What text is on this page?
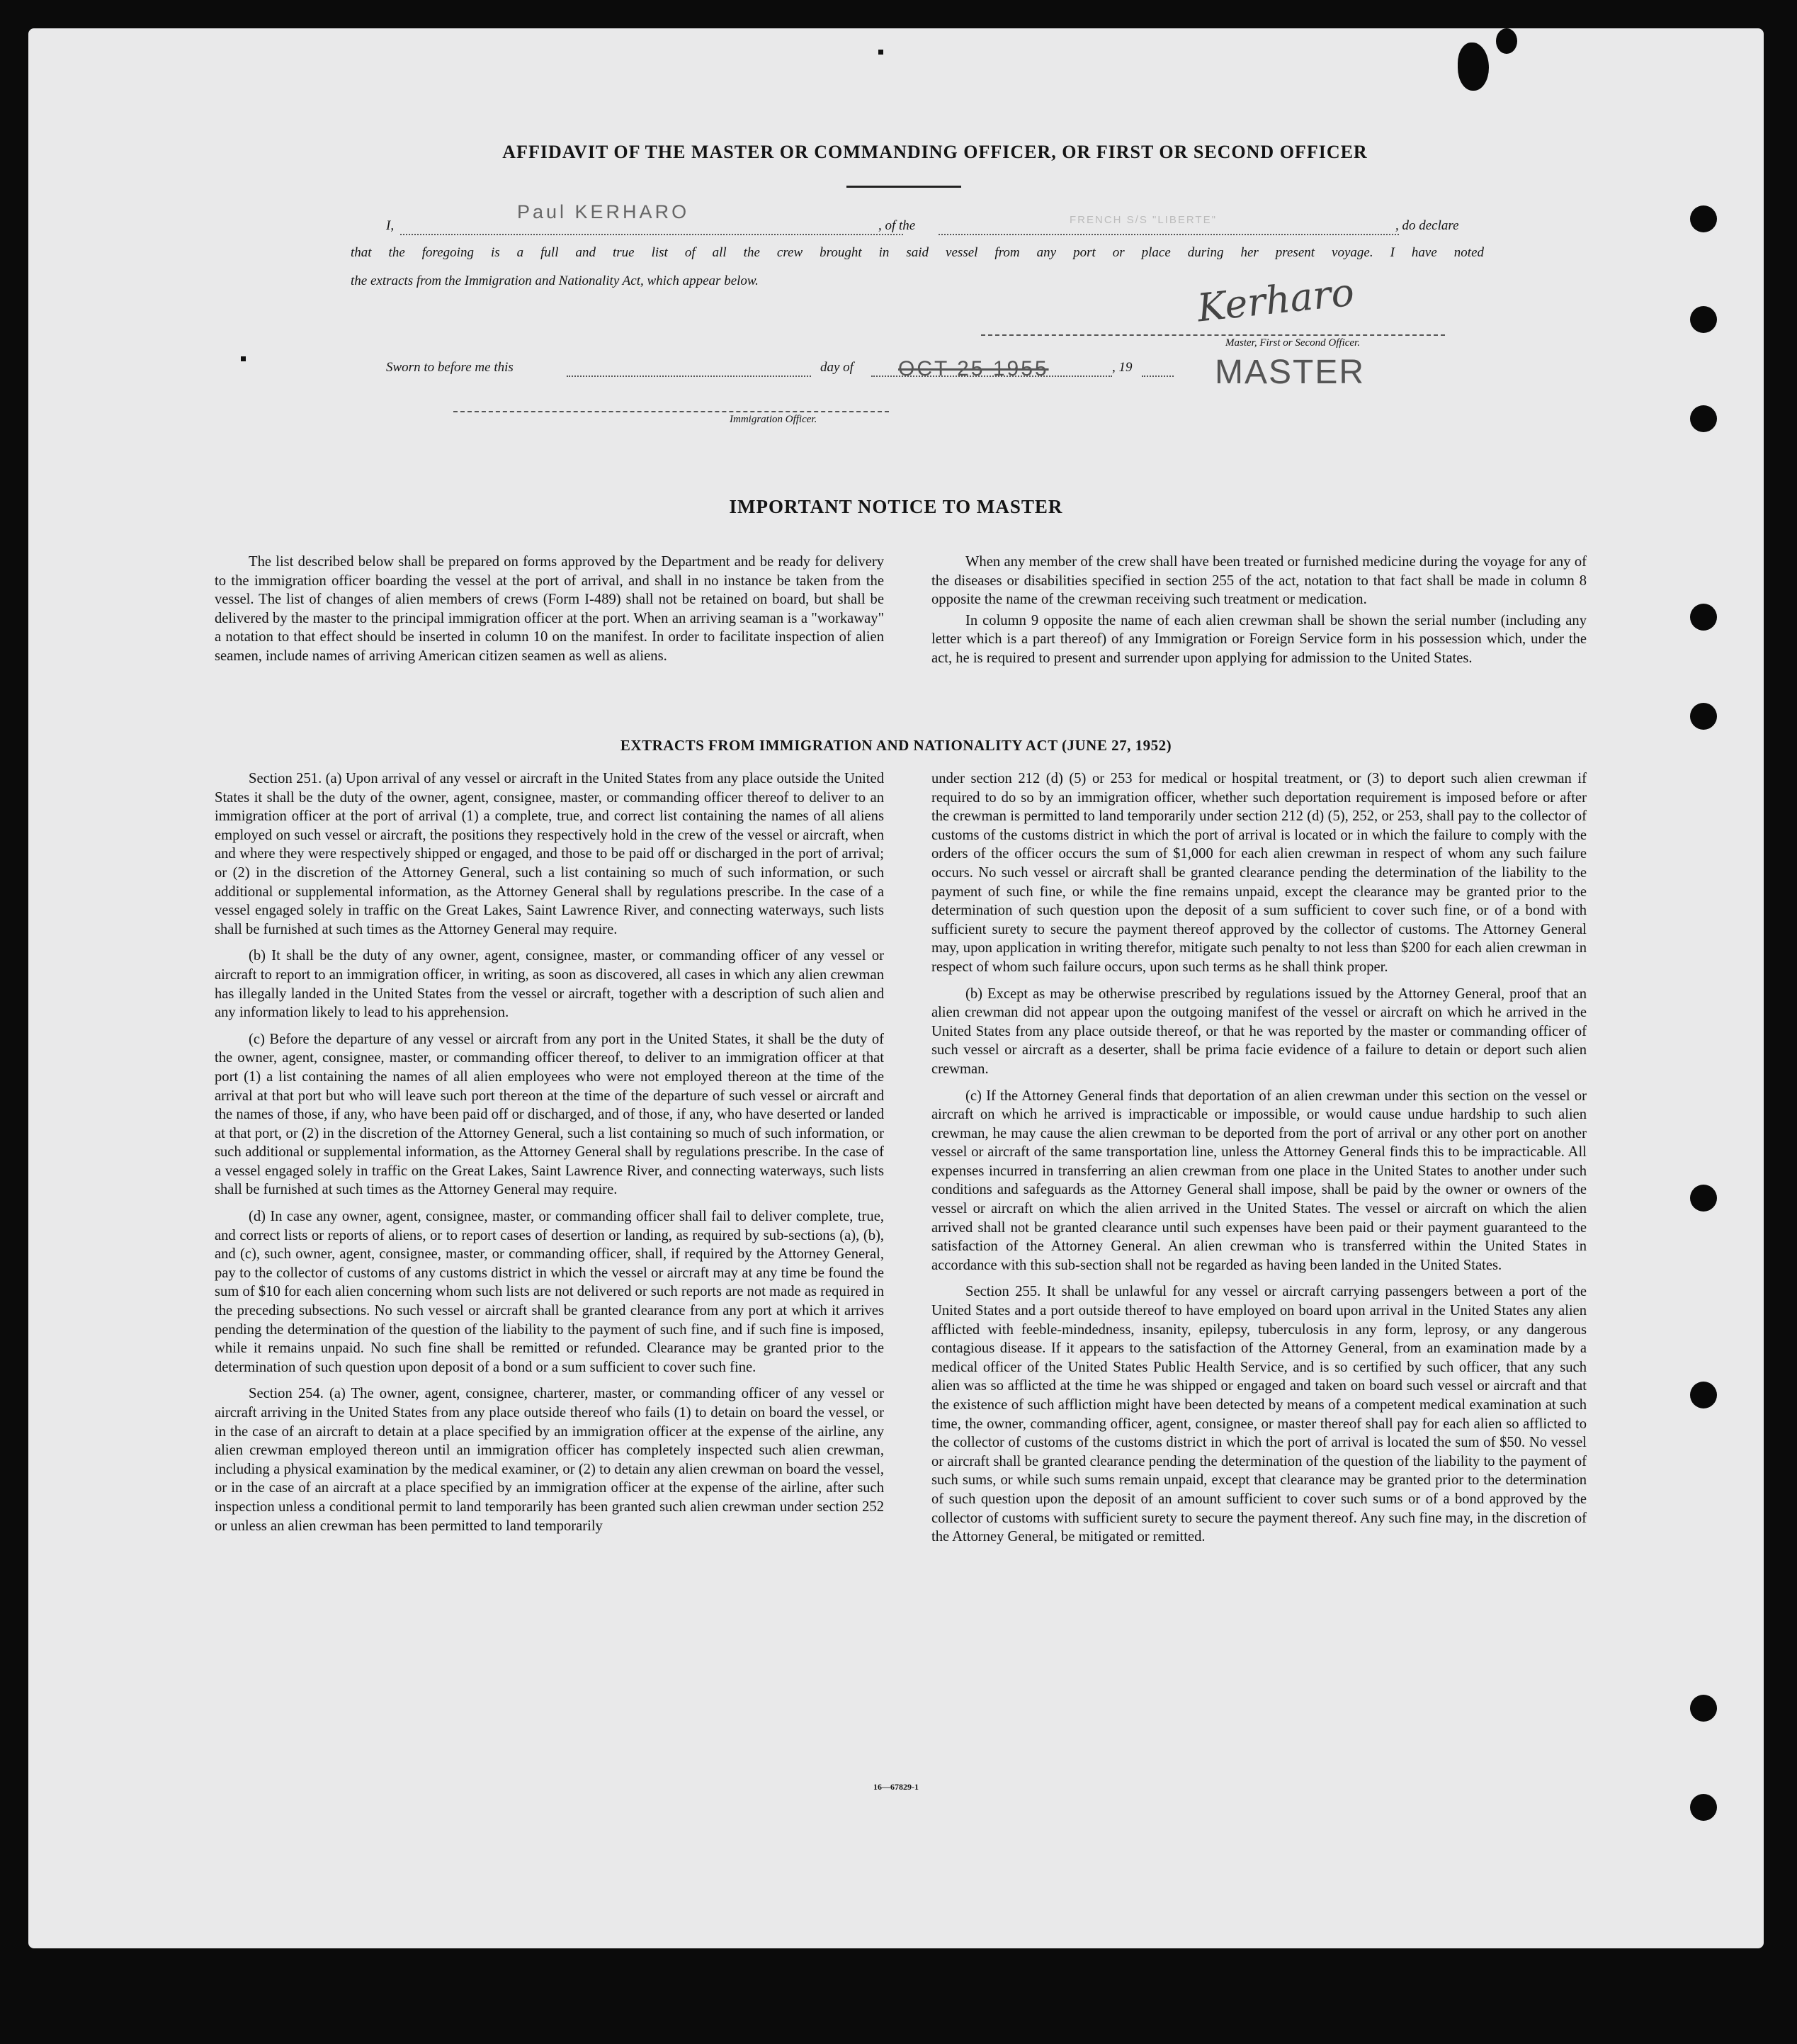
AFFIDAVIT OF THE MASTER OR COMMANDING OFFICER, OR FIRST OR SECOND OFFICER
I,
Paul KERHARO
, of the	FRENCH S/S "LIBERTE"	, do declare
that the foregoing is a full and true list of all the crew brought in said vessel from any port or place during her present voyage. I have noted
the extracts from the Immigration and Nationality Act, which appear below.	Kerharo
Master, First or Second Officer.
MASTER
Sworn to before me this	day of OCT 25 1955	, 19
Immigration Officer.
IMPORTANT NOTICE TO MASTER

The list described below shall be prepared on forms approved by the Department and be ready for delivery to the immigration officer boarding the vessel at the port of arrival, and shall in no instance be taken from the vessel. The list of changes of alien members of crews (Form I-489) shall not be retained on board, but shall be delivered by the master to the principal immigration officer at the port. When an arriving seaman is a "workaway" a notation to that effect should be inserted in column 10 on the manifest. In order to facilitate inspection of alien seamen, include names of arriving American citizen seamen as well as aliens.

When any member of the crew shall have been treated or furnished medicine during the voyage for any of the diseases or disabilities specified in section 255 of the act, notation to that fact shall be made in column 8 opposite the name of the crewman receiving such treatment or medication.

In column 9 opposite the name of each alien crewman shall be shown the serial number (including any letter which is a part thereof) of any Immigration or Foreign Service form in his possession which, under the act, he is required to present and surrender upon applying for admission to the United States.

EXTRACTS FROM IMMIGRATION AND NATIONALITY ACT (JUNE 27, 1952)

Section 251. (a) Upon arrival of any vessel or aircraft in the United States from any place outside the United States it shall be the duty of the owner, agent, consignee, master, or commanding officer thereof to deliver to an immigration officer at the port of arrival (1) a complete, true, and correct list containing the names of all aliens employed on such vessel or aircraft, the positions they respectively hold in the crew of the vessel or aircraft, when and where they were respectively shipped or engaged, and those to be paid off or discharged in the port of arrival; or (2) in the discretion of the Attorney General, such a list containing so much of such information, or such additional or supplemental information, as the Attorney General shall by regulations prescribe. In the case of a vessel engaged solely in traffic on the Great Lakes, Saint Lawrence River, and connecting waterways, such lists shall be furnished at such times as the Attorney General may require.

(b) It shall be the duty of any owner, agent, consignee, master, or commanding officer of any vessel or aircraft to report to an immigration officer, in writing, as soon as discovered, all cases in which any alien crewman has illegally landed in the United States from the vessel or aircraft, together with a description of such alien and any information likely to lead to his apprehension.

(c) Before the departure of any vessel or aircraft from any port in the United States, it shall be the duty of the owner, agent, consignee, master, or commanding officer thereof, to deliver to an immigration officer at that port (1) a list containing the names of all alien employees who were not employed thereon at the time of the arrival at that port but who will leave such port thereon at the time of the departure of such vessel or aircraft and the names of those, if any, who have been paid off or discharged, and of those, if any, who have deserted or landed at that port, or (2) in the discretion of the Attorney General, such a list containing so much of such information, or such additional or supplemental information, as the Attorney General shall by regulations prescribe. In the case of a vessel engaged solely in traffic on the Great Lakes, Saint Lawrence River, and connecting waterways, such lists shall be furnished at such times as the Attorney General may require.

(d) In case any owner, agent, consignee, master, or commanding officer shall fail to deliver complete, true, and correct lists or reports of aliens, or to report cases of desertion or landing, as required by sub-sections (a), (b), and (c), such owner, agent, consignee, master, or commanding officer, shall, if required by the Attorney General, pay to the collector of customs of any customs district in which the vessel or aircraft may at any time be found the sum of $10 for each alien concerning whom such lists are not delivered or such reports are not made as required in the preceding subsections. No such vessel or aircraft shall be granted clearance from any port at which it arrives pending the determination of the question of the liability to the payment of such fine, and if such fine is imposed, while it remains unpaid. No such fine shall be remitted or refunded. Clearance may be granted prior to the determination of such question upon deposit of a bond or a sum sufficient to cover such fine.

Section 254. (a) The owner, agent, consignee, charterer, master, or commanding officer of any vessel or aircraft arriving in the United States from any place outside thereof who fails (1) to detain on board the vessel, or in the case of an aircraft to detain at a place specified by an immigration officer at the expense of the airline, any alien crewman employed thereon until an immigration officer has completely inspected such alien crewman, including a physical examination by the medical examiner, or (2) to detain any alien crewman on board the vessel, or in the case of an aircraft at a place specified by an immigration officer at the expense of the airline, after such inspection unless a conditional permit to land temporarily has been granted such alien crewman under section 252 or unless an alien crewman has been permitted to land temporarily

under section 212 (d) (5) or 253 for medical or hospital treatment, or (3) to deport such alien crewman if required to do so by an immigration officer, whether such deportation requirement is imposed before or after the crewman is permitted to land temporarily under section 212 (d) (5), 252, or 253, shall pay to the collector of customs of the customs district in which the port of arrival is located or in which the failure to comply with the orders of the officer occurs the sum of $1,000 for each alien crewman in respect of whom any such failure occurs. No such vessel or aircraft shall be granted clearance pending the determination of the liability to the payment of such fine, or while the fine remains unpaid, except the clearance may be granted prior to the determination of such question upon the deposit of a sum sufficient to cover such fine, or of a bond with sufficient surety to secure the payment thereof approved by the collector of customs. The Attorney General may, upon application in writing therefor, mitigate such penalty to not less than $200 for each alien crewman in respect of whom such failure occurs, upon such terms as he shall think proper.

(b) Except as may be otherwise prescribed by regulations issued by the Attorney General, proof that an alien crewman did not appear upon the outgoing manifest of the vessel or aircraft on which he arrived in the United States from any place outside thereof, or that he was reported by the master or commanding officer of such vessel or aircraft as a deserter, shall be prima facie evidence of a failure to detain or deport such alien crewman.

(c) If the Attorney General finds that deportation of an alien crewman under this section on the vessel or aircraft on which he arrived is impracticable or impossible, or would cause undue hardship to such alien crewman, he may cause the alien crewman to be deported from the port of arrival or any other port on another vessel or aircraft of the same transportation line, unless the Attorney General finds this to be impracticable. All expenses incurred in transferring an alien crewman from one place in the United States to another under such conditions and safeguards as the Attorney General shall impose, shall be paid by the owner or owners of the vessel or aircraft on which the alien arrived in the United States. The vessel or aircraft on which the alien arrived shall not be granted clearance until such expenses have been paid or their payment guaranteed to the satisfaction of the Attorney General. An alien crewman who is transferred within the United States in accordance with this sub-section shall not be regarded as having been landed in the United States.

Section 255. It shall be unlawful for any vessel or aircraft carrying passengers between a port of the United States and a port outside thereof to have employed on board upon arrival in the United States any alien afflicted with feeble-mindedness, insanity, epilepsy, tuberculosis in any form, leprosy, or any dangerous contagious disease. If it appears to the satisfaction of the Attorney General, from an examination made by a medical officer of the United States Public Health Service, and is so certified by such officer, that any such alien was so afflicted at the time he was shipped or engaged and taken on board such vessel or aircraft and that the existence of such affliction might have been detected by means of a competent medical examination at such time, the owner, commanding officer, agent, consignee, or master thereof shall pay for each alien so afflicted to the collector of customs of the customs district in which the port of arrival is located the sum of $50. No vessel or aircraft shall be granted clearance pending the determination of the question of the liability to the payment of such sums, or while such sums remain unpaid, except that clearance may be granted prior to the determination of such question upon the deposit of an amount sufficient to cover such sums or of a bond approved by the collector of customs with sufficient surety to secure the payment thereof. Any such fine may, in the discretion of the Attorney General, be mitigated or remitted.

16—67829-1
